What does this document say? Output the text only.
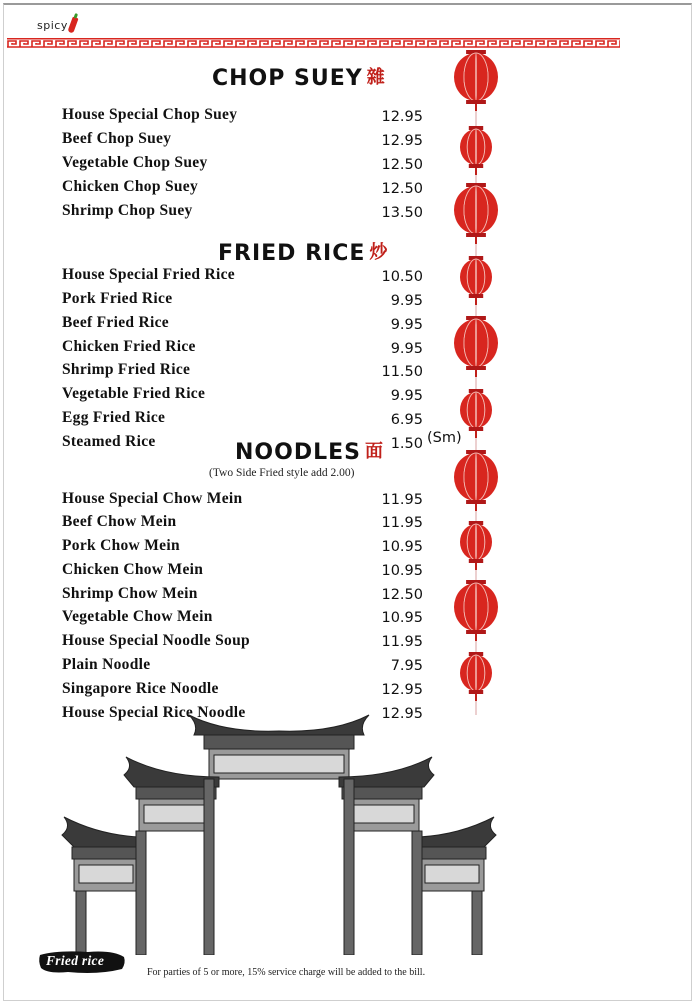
spicy
CHOP SUEY 雜
House Special Chop Suey	12.95
Beef Chop Suey	12.95
Vegetable Chop Suey	12.50
Chicken Chop Suey	12.50
Shrimp Chop Suey	13.50
FRIED RICE 炒
House Special Fried Rice	10.50
Pork Fried Rice	9.95
Beef Fried Rice	9.95
Chicken Fried Rice	9.95
Shrimp Fried Rice	11.50
Vegetable Fried Rice	9.95
Egg Fried Rice	6.95
Steamed Rice	1.50 (Sm)
NOODLES 面
(Two Side Fried style add 2.00)
House Special Chow Mein	11.95
Beef Chow Mein	11.95
Pork Chow Mein	10.95
Chicken Chow Mein	10.95
Shrimp Chow Mein	12.50
Vegetable Chow Mein	10.95
House Special Noodle Soup	11.95
Plain Noodle	7.95
Singapore Rice Noodle	12.95
House Special Rice Noodle	12.95
Fried rice
For parties of 5 or more, 15% service charge will be added to the bill.
